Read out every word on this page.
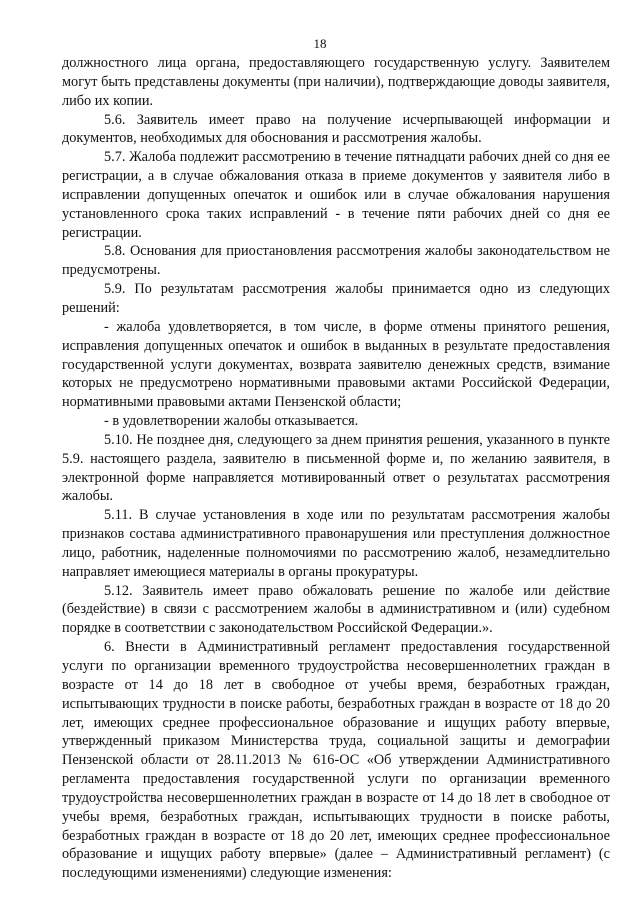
18

должностного лица органа, предоставляющего государственную услугу. Заявителем могут быть представлены документы (при наличии), подтверждающие доводы заявителя, либо их копии.

5.6. Заявитель имеет право на получение исчерпывающей информации и документов, необходимых для обоснования и рассмотрения жалобы.

5.7. Жалоба подлежит рассмотрению в течение пятнадцати рабочих дней со дня ее регистрации, а в случае обжалования отказа в приеме документов у заявителя либо в исправлении допущенных опечаток и ошибок или в случае обжалования нарушения установленного срока таких исправлений - в течение пяти рабочих дней со дня ее регистрации.

5.8. Основания для приостановления рассмотрения жалобы законодательством не предусмотрены.

5.9. По результатам рассмотрения жалобы принимается одно из следующих решений:

- жалоба удовлетворяется, в том числе, в форме отмены принятого решения, исправления допущенных опечаток и ошибок в выданных в результате предоставления государственной услуги документах, возврата заявителю денежных средств, взимание которых не предусмотрено нормативными правовыми актами Российской Федерации, нормативными правовыми актами Пензенской области;

- в удовлетворении жалобы отказывается.

5.10. Не позднее дня, следующего за днем принятия решения, указанного в пункте 5.9. настоящего раздела, заявителю в письменной форме и, по желанию заявителя, в электронной форме направляется мотивированный ответ о результатах рассмотрения жалобы.

5.11. В случае установления в ходе или по результатам рассмотрения жалобы признаков состава административного правонарушения или преступления должностное лицо, работник, наделенные полномочиями по рассмотрению жалоб, незамедлительно направляет имеющиеся материалы в органы прокуратуры.

5.12. Заявитель имеет право обжаловать решение по жалобе или действие (бездействие) в связи с рассмотрением жалобы в административном и (или) судебном порядке в соответствии с законодательством Российской Федерации.».

6. Внести в Административный регламент предоставления государственной услуги по организации временного трудоустройства несовершеннолетних граждан в возрасте от 14 до 18 лет в свободное от учебы время, безработных граждан, испытывающих трудности в поиске работы, безработных граждан в возрасте от 18 до 20 лет, имеющих среднее профессиональное образование и ищущих работу впервые, утвержденный приказом Министерства труда, социальной защиты и демографии Пензенской области от 28.11.2013 № 616-ОС «Об утверждении Административного регламента предоставления государственной услуги по организации временного трудоустройства несовершеннолетних граждан в возрасте от 14 до 18 лет в свободное от учебы время, безработных граждан, испытывающих трудности в поиске работы, безработных граждан в возрасте от 18 до 20 лет, имеющих среднее профессиональное образование и ищущих работу впервые» (далее – Административный регламент) (с последующими изменениями) следующие изменения:
